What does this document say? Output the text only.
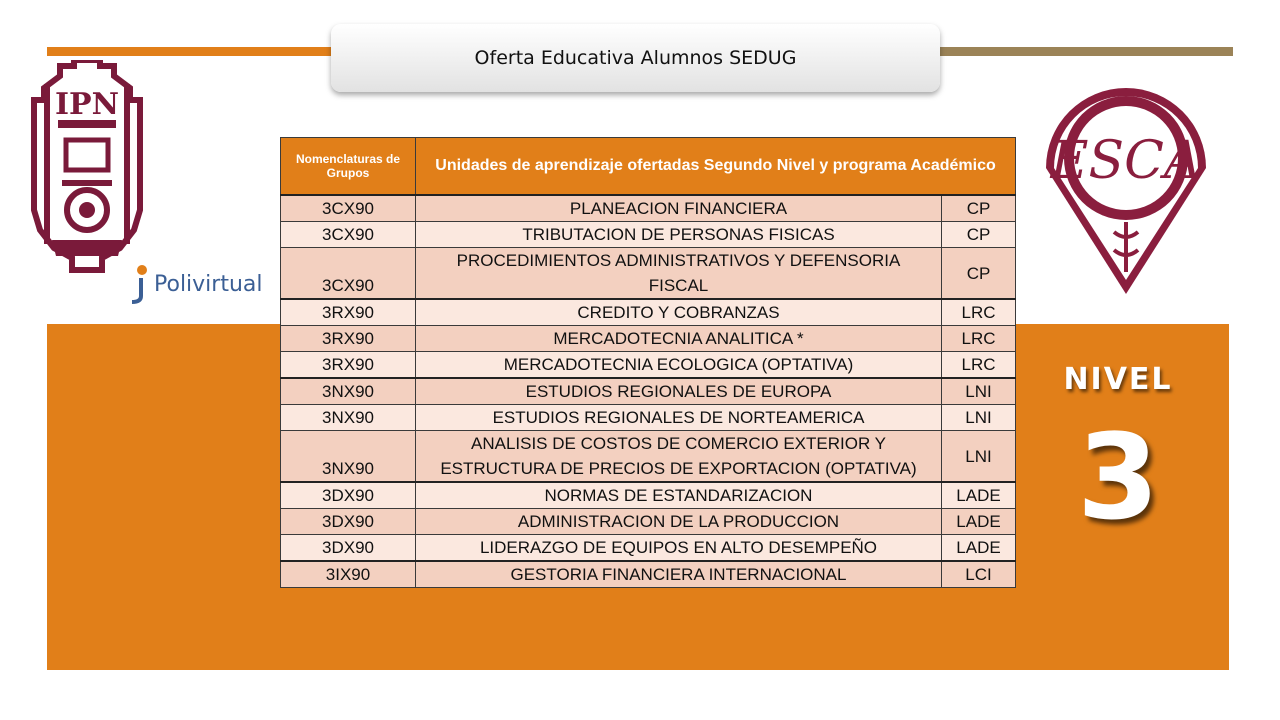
Oferta Educativa Alumnos SEDUG
IPN
Polivirtual
ESCA
NIVEL
3
Nomenclaturas de Grupos	Unidades de aprendizaje ofertadas Segundo Nivel y programa Académico	
3CX90	PLANEACION FINANCIERA	CP
3CX90	TRIBUTACION DE PERSONAS FISICAS	CP
3CX90	PROCEDIMIENTOS ADMINISTRATIVOS Y DEFENSORIA FISCAL	CP
3RX90	CREDITO Y COBRANZAS	LRC
3RX90	MERCADOTECNIA ANALITICA *	LRC
3RX90	MERCADOTECNIA ECOLOGICA (OPTATIVA)	LRC
3NX90	ESTUDIOS REGIONALES DE EUROPA	LNI
3NX90	ESTUDIOS REGIONALES DE NORTEAMERICA	LNI
3NX90	ANALISIS DE COSTOS DE COMERCIO EXTERIOR Y ESTRUCTURA DE PRECIOS DE EXPORTACION (OPTATIVA)	LNI
3DX90	NORMAS DE ESTANDARIZACION	LADE
3DX90	ADMINISTRACION DE LA PRODUCCION	LADE
3DX90	LIDERAZGO DE EQUIPOS EN ALTO DESEMPEÑO	LADE
3IX90	GESTORIA FINANCIERA INTERNACIONAL	LCI
